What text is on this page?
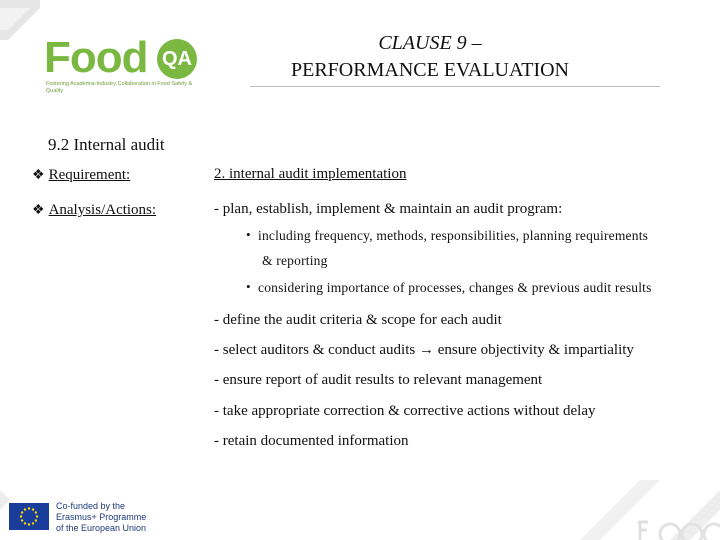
Food QA
Fostering Academia-Industry Collaboration in Food Safety & Quality
CLAUSE 9 –
PERFORMANCE EVALUATION
9.2 Internal audit
❖ Requirement:	2. internal audit implementation
❖ Analysis/Actions:	- plan, establish, implement & maintain an audit program:
• including frequency, methods, responsibilities, planning requirements
& reporting
• considering importance of processes, changes & previous audit results
- define the audit criteria & scope for each audit
- select auditors & conduct audits → ensure objectivity & impartiality
- ensure report of audit results to relevant management
- take appropriate correction & corrective actions without delay
- retain documented information
Co-funded by the
Erasmus+ Programme
of the European Union
